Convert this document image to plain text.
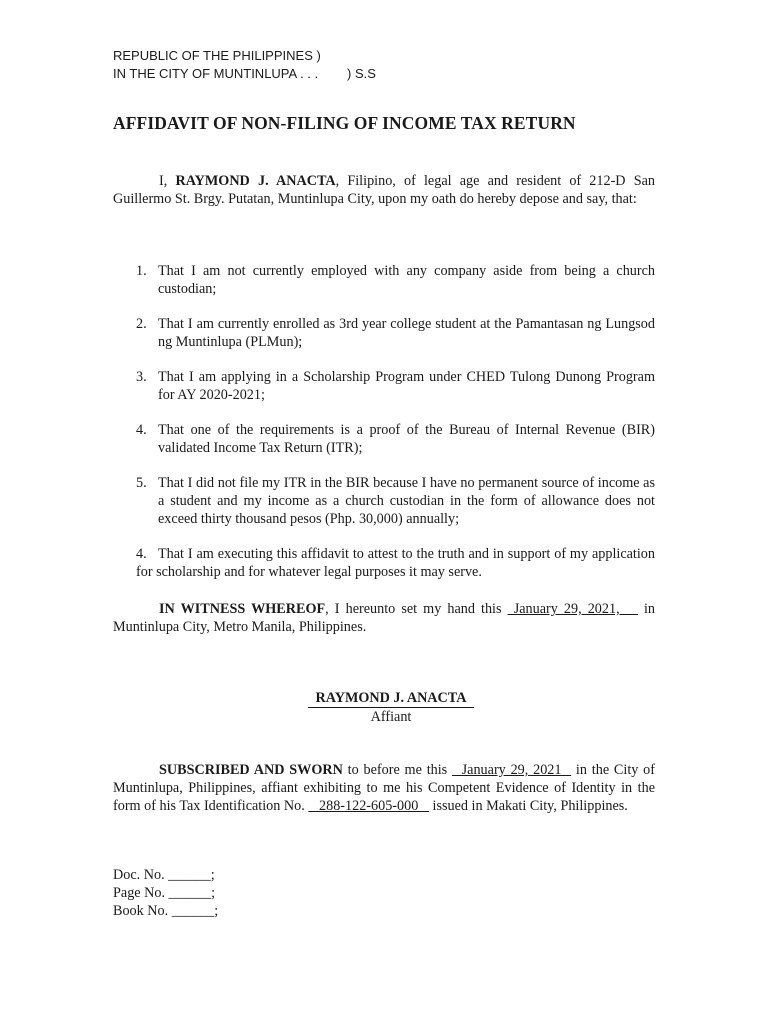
REPUBLIC OF THE PHILIPPINES )
IN THE CITY OF MUNTINLUPA . . .        ) S.S
AFFIDAVIT OF NON-FILING OF INCOME TAX RETURN
I, RAYMOND J. ANACTA, Filipino, of legal age and resident of 212-D San Guillermo St. Brgy. Putatan, Muntinlupa City, upon my oath do hereby depose and say, that:
1. That I am not currently employed with any company aside from being a church custodian;
2. That I am currently enrolled as 3rd year college student at the Pamantasan ng Lungsod ng Muntinlupa (PLMun);
3. That I am applying in a Scholarship Program under CHED Tulong Dunong Program for AY 2020-2021;
4. That one of the requirements is a proof of the Bureau of Internal Revenue (BIR) validated Income Tax Return (ITR);
5. That I did not file my ITR in the BIR because I have no permanent source of income as a student and my income as a church custodian in the form of allowance does not exceed thirty thousand pesos (Php. 30,000) annually;
4. That I am executing this affidavit to attest to the truth and in support of my application for scholarship and for whatever legal purposes it may serve.
IN WITNESS WHEREOF, I hereunto set my hand this  January 29, 2021,    in Muntinlupa City, Metro Manila, Philippines.
RAYMOND J. ANACTA
Affiant
SUBSCRIBED AND SWORN to before me this   January 29, 2021   in the City of Muntinlupa, Philippines, affiant exhibiting to me his Competent Evidence of Identity in the form of his Tax Identification No.    288-122-605-000    issued in Makati City, Philippines.
Doc. No. ______;
Page No. ______;
Book No. ______;
